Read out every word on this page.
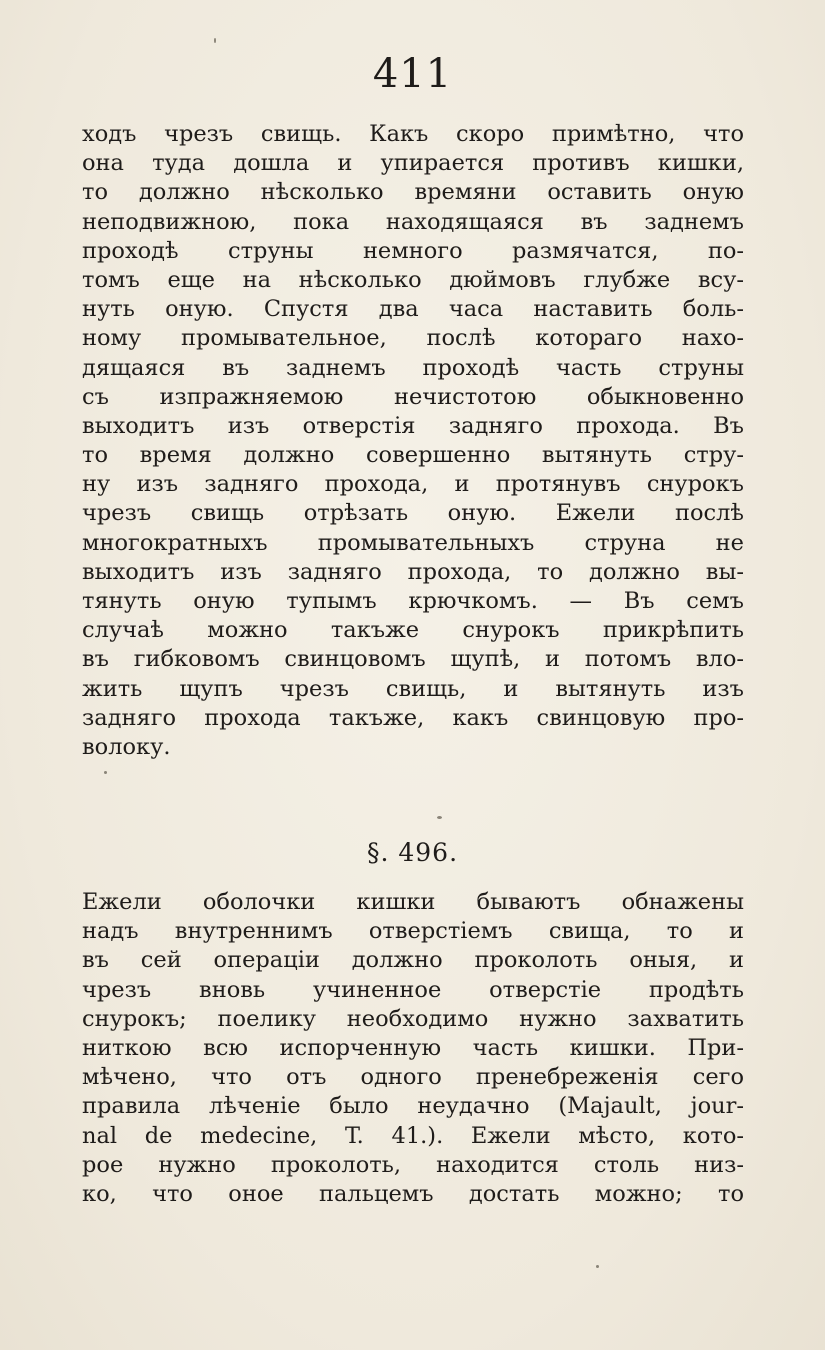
411
ходъ чрезъ свищь. Какъ скоро примѣтно, что
она туда дошла и упирается противъ кишки,
то должно нѣсколько времяни оставить оную
неподвижною, пока находящаяся въ заднемъ
проходѣ струны немного размячатся, по-
томъ еще на нѣсколько дюймовъ глубже всу-
нуть оную. Спустя два часа наставить боль-
ному промывательное, послѣ котораго нахо-
дящаяся въ заднемъ проходѣ часть струны
съ изпражняемою нечистотою обыкновенно
выходитъ изъ отверстія задняго прохода. Въ
то время должно совершенно вытянуть стру-
ну изъ задняго прохода, и протянувъ снурокъ
чрезъ свищь отрѣзать оную. Ежели послѣ
многократныхъ промывательныхъ струна не
выходитъ изъ задняго прохода, то должно вы-
тянуть оную тупымъ крючкомъ. — Въ семъ
случаѣ можно такъже снурокъ прикрѣпить
въ гибковомъ свинцовомъ щупѣ, и потомъ вло-
жить щупъ чрезъ свищь, и вытянуть изъ
задняго прохода такъже, какъ свинцовую про-
волоку.
§. 496.
Ежели оболочки кишки бываютъ обнажены
надъ внутреннимъ отверстіемъ свища, то и
въ сей операціи должно проколоть оныя, и
чрезъ вновь учиненное отверстіе продѣть
снурокъ; поелику необходимо нужно захватить
ниткою всю испорченную часть кишки. При-
мѣчено, что отъ одного пренебреженія сего
правила лѣченіе было неудачно (Majault, jour-
nal de medecine, T. 41.). Ежели мѣсто, кото-
рое нужно проколоть, находится столь низ-
ко, что оное пальцемъ достать можно; то
